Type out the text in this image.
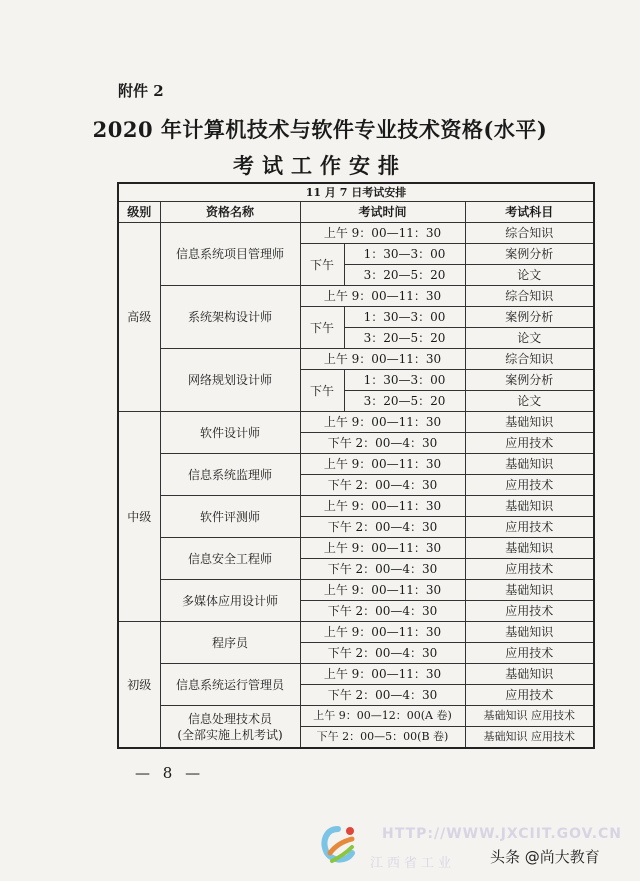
附件 2
2020 年计算机技术与软件专业技术资格(水平)
考试工作安排
11 月 7 日考试安排				
级别	资格名称	考试时间		考试科目
高级	信息系统项目管理师	上午 9：00—11：30		综合知识
		下午	1：30—3：00	案例分析
			3：20—5：20	论文
	系统架构设计师	上午 9：00—11：30		综合知识
		下午	1：30—3：00	案例分析
			3：20—5：20	论文
	网络规划设计师	上午 9：00—11：30		综合知识
		下午	1：30—3：00	案例分析
			3：20—5：20	论文
中级	软件设计师	上午 9：00—11：30		基础知识
		下午 2：00—4：30		应用技术
	信息系统监理师	上午 9：00—11：30		基础知识
		下午 2：00—4：30		应用技术
	软件评测师	上午 9：00—11：30		基础知识
		下午 2：00—4：30		应用技术
	信息安全工程师	上午 9：00—11：30		基础知识
		下午 2：00—4：30		应用技术
	多媒体应用设计师	上午 9：00—11：30		基础知识
		下午 2：00—4：30		应用技术
初级	程序员	上午 9：00—11：30		基础知识
		下午 2：00—4：30		应用技术
	信息系统运行管理员	上午 9：00—11：30		基础知识
		下午 2：00—4：30		应用技术
	信息处理技术员
(全部实施上机考试)	上午 9：00—12：00(A 卷)		基础知识 应用技术
		下午 2：00—5：00(B 卷)		基础知识 应用技术
— 8 —
HTTP://WWW.JXCIIT.GOV.CN
江西省工业 头条 @尚大教育
